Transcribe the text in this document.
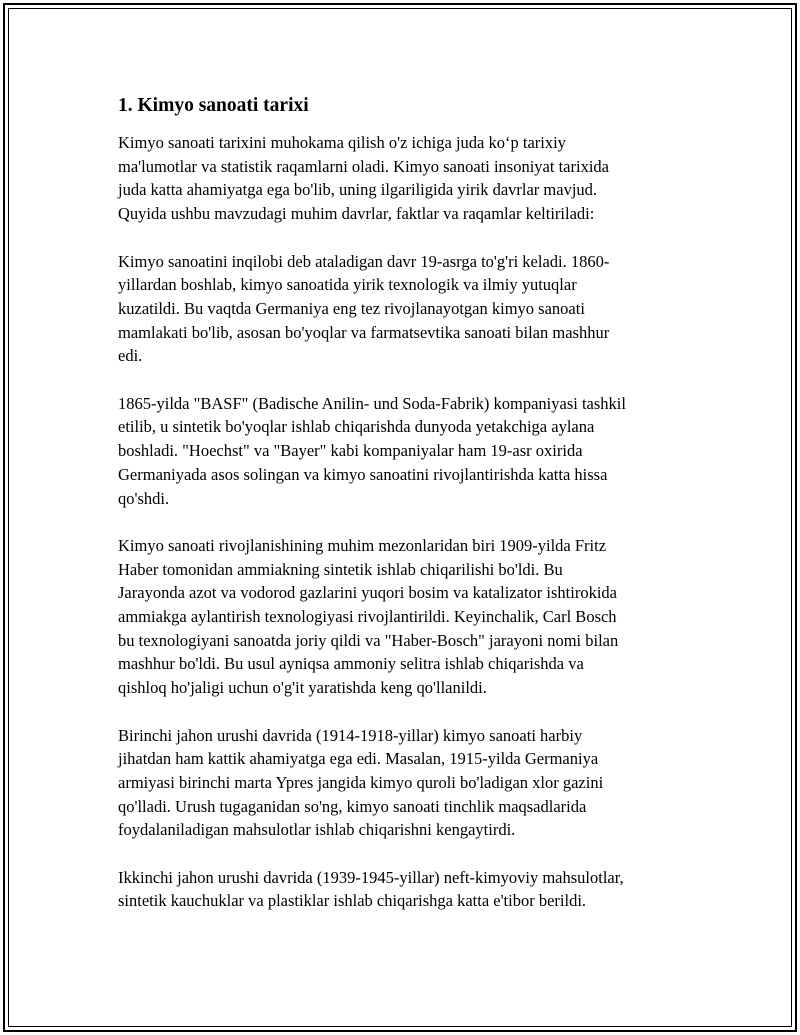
1. Kimyo sanoati tarixi
Kimyo sanoati tarixini muhokama qilish o'z ichiga juda ko‘p tarixiy
ma'lumotlar va statistik raqamlarni oladi. Kimyo sanoati insoniyat tarixida
juda katta ahamiyatga ega bo'lib, uning ilgariligida yirik davrlar mavjud.
Quyida ushbu mavzudagi muhim davrlar, faktlar va raqamlar keltiriladi:
Kimyo sanoatini inqilobi deb ataladigan davr 19-asrga to'g'ri keladi. 1860-
yillardan boshlab, kimyo sanoatida yirik texnologik va ilmiy yutuqlar
kuzatildi. Bu vaqtda Germaniya eng tez rivojlanayotgan kimyo sanoati
mamlakati bo'lib, asosan bo'yoqlar va farmatsevtika sanoati bilan mashhur
edi.
1865-yilda "BASF" (Badische Anilin- und Soda-Fabrik) kompaniyasi tashkil
etilib, u sintetik bo'yoqlar ishlab chiqarishda dunyoda yetakchiga aylana
boshladi. "Hoechst" va "Bayer" kabi kompaniyalar ham 19-asr oxirida
Germaniyada asos solingan va kimyo sanoatini rivojlantirishda katta hissa
qo'shdi.
Kimyo sanoati rivojlanishining muhim mezonlaridan biri 1909-yilda Fritz
Haber tomonidan ammiakning sintetik ishlab chiqarilishi bo'ldi. Bu
Jarayonda azot va vodorod gazlarini yuqori bosim va katalizator ishtirokida
ammiakga aylantirish texnologiyasi rivojlantirildi. Keyinchalik, Carl Bosch
bu texnologiyani sanoatda joriy qildi va "Haber-Bosch" jarayoni nomi bilan
mashhur bo'ldi. Bu usul ayniqsa ammoniy selitra ishlab chiqarishda va
qishloq ho'jaligi uchun o'g'it yaratishda keng qo'llanildi.
Birinchi jahon urushi davrida (1914-1918-yillar) kimyo sanoati harbiy
jihatdan ham kattik ahamiyatga ega edi. Masalan, 1915-yilda Germaniya
armiyasi birinchi marta Ypres jangida kimyo quroli bo'ladigan xlor gazini
qo'lladi. Urush tugaganidan so'ng, kimyo sanoati tinchlik maqsadlarida
foydalaniladigan mahsulotlar ishlab chiqarishni kengaytirdi.
Ikkinchi jahon urushi davrida (1939-1945-yillar) neft-kimyoviy mahsulotlar,
sintetik kauchuklar va plastiklar ishlab chiqarishga katta e'tibor berildi.
